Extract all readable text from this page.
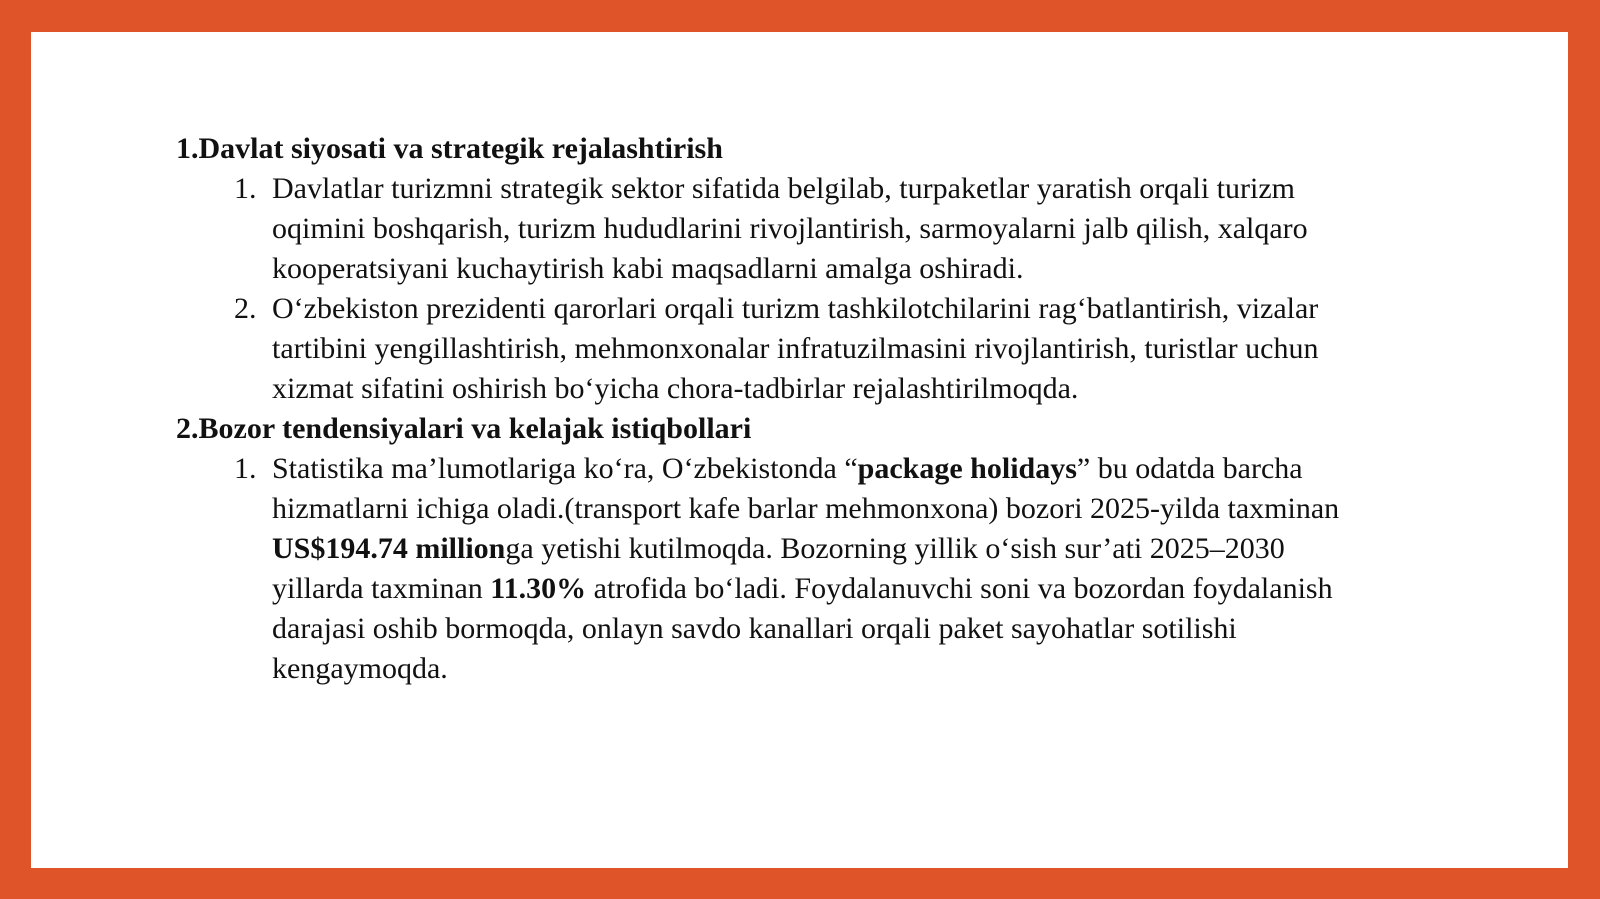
1.Davlat siyosati va strategik rejalashtirish

1. Davlatlar turizmni strategik sektor sifatida belgilab, turpaketlar yaratish orqali turizm oqimini boshqarish, turizm hududlarini rivojlantirish, sarmoyalarni jalb qilish, xalqaro kooperatsiyani kuchaytirish kabi maqsadlarni amalga oshiradi.
2. O‘zbekiston prezidenti qarorlari orqali turizm tashkilotchilarini rag‘batlantirish, vizalar tartibini yengillashtirish, mehmonxonalar infratuzilmasini rivojlantirish, turistlar uchun xizmat sifatini oshirish bo‘yicha chora-tadbirlar rejalashtirilmoqda.

2.Bozor tendensiyalari va kelajak istiqbollari

1. Statistika ma’lumotlariga ko‘ra, O‘zbekistonda “package holidays” bu odatda barcha hizmatlarni ichiga oladi.(transport kafe barlar mehmonxona) bozori 2025-yilda taxminan US$194.74 millionga yetishi kutilmoqda. Bozorning yillik o‘sish sur’ati 2025–2030 yillarda taxminan 11.30% atrofida bo‘ladi. Foydalanuvchi soni va bozordan foydalanish darajasi oshib bormoqda, onlayn savdo kanallari orqali paket sayohatlar sotilishi kengaymoqda.
